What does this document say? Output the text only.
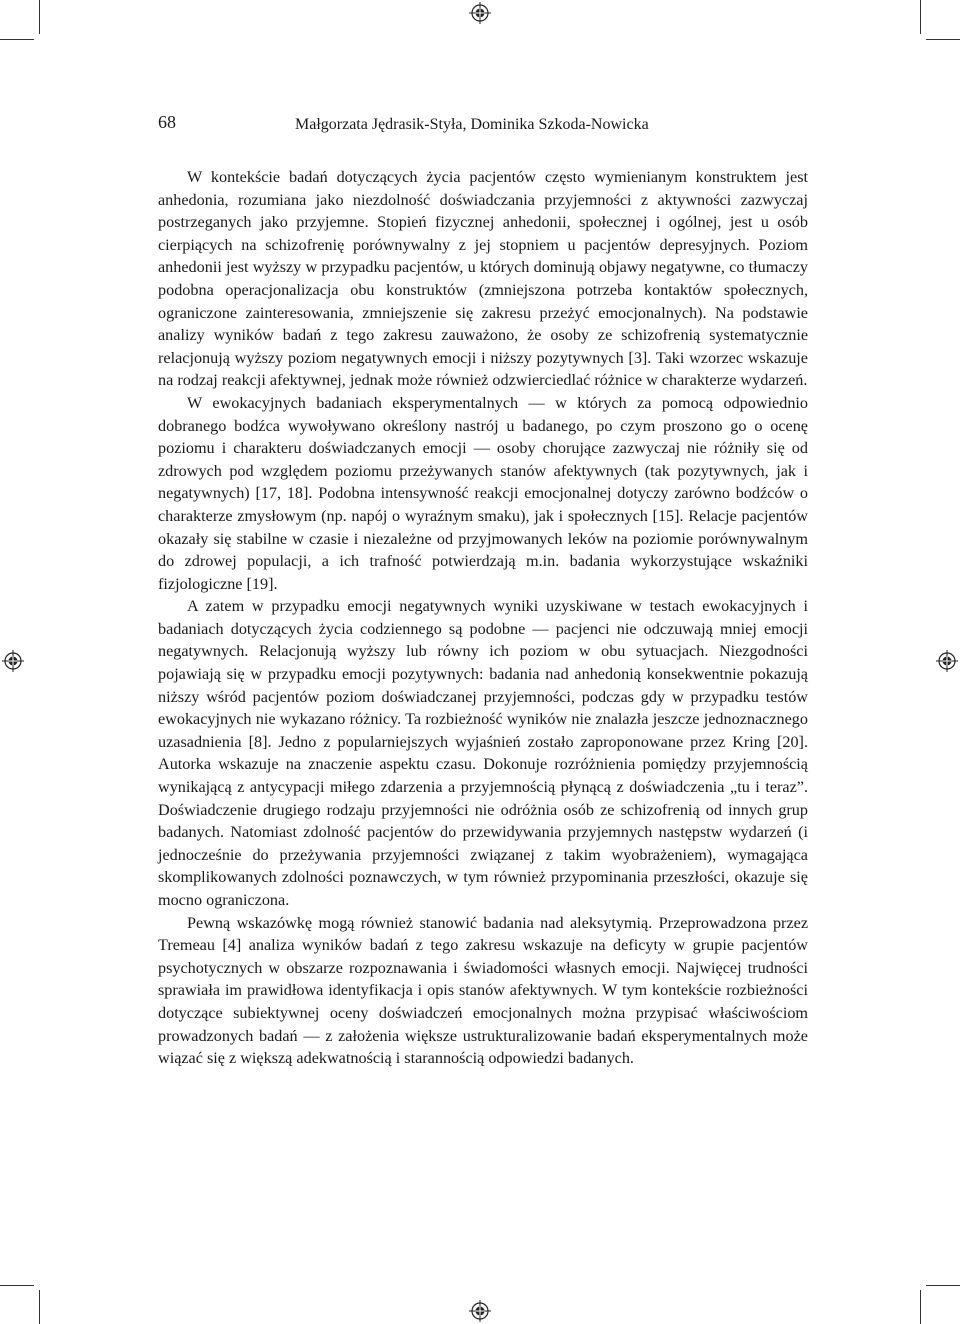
68	Małgorzata Jędrasik-Styła, Dominika Szkoda-Nowicka

W kontekście badań dotyczących życia pacjentów często wymienianym konstruktem jest anhedonia, rozumiana jako niezdolność doświadczania przyjemności z aktywności zazwyczaj postrzeganych jako przyjemne. Stopień fizycznej anhedonii, społecznej i ogólnej, jest u osób cierpiących na schizofrenię porównywalny z jej stopniem u pacjentów depresyjnych. Poziom anhedonii jest wyższy w przypadku pacjentów, u których dominują objawy negatywne, co tłumaczy podobna operacjonalizacja obu konstruktów (zmniejszona potrzeba kontaktów społecznych, ograniczone zainteresowania, zmniejszenie się zakresu przeżyć emocjonalnych). Na podstawie analizy wyników badań z tego zakresu zauważono, że osoby ze schizofrenią systematycznie relacjonują wyższy poziom negatywnych emocji i niższy pozytywnych [3]. Taki wzorzec wskazuje na rodzaj reakcji afektywnej, jednak może również odzwierciedlać różnice w charakterze wydarzeń.

W ewokacyjnych badaniach eksperymentalnych — w których za pomocą odpowiednio dobranego bodźca wywoływano określony nastrój u badanego, po czym proszono go o ocenę poziomu i charakteru doświadczanych emocji — osoby chorujące zazwyczaj nie różniły się od zdrowych pod względem poziomu przeżywanych stanów afektywnych (tak pozytywnych, jak i negatywnych) [17, 18]. Podobna intensywność reakcji emocjonalnej dotyczy zarówno bodźców o charakterze zmysłowym (np. napój o wyraźnym smaku), jak i społecznych [15]. Relacje pacjentów okazały się stabilne w czasie i niezależne od przyjmowanych leków na poziomie porównywalnym do zdrowej populacji, a ich trafność potwierdzają m.in. badania wykorzystujące wskaźniki fizjologiczne [19].

A zatem w przypadku emocji negatywnych wyniki uzyskiwane w testach ewokacyjnych i badaniach dotyczących życia codziennego są podobne — pacjenci nie odczuwają mniej emocji negatywnych. Relacjonują wyższy lub równy ich poziom w obu sytuacjach. Niezgodności pojawiają się w przypadku emocji pozytywnych: badania nad anhedonią konsekwentnie pokazują niższy wśród pacjentów poziom doświadczanej przyjemności, podczas gdy w przypadku testów ewokacyjnych nie wykazano różnicy. Ta rozbieżność wyników nie znalazła jeszcze jednoznacznego uzasadnienia [8]. Jedno z popularniejszych wyjaśnień zostało zaproponowane przez Kring [20]. Autorka wskazuje na znaczenie aspektu czasu. Dokonuje rozróżnienia pomiędzy przyjemnością wynikającą z antycypacji miłego zdarzenia a przyjemnością płynącą z doświadczenia „tu i teraz”. Doświadczenie drugiego rodzaju przyjemności nie odróżnia osób ze schizofrenią od innych grup badanych. Natomiast zdolność pacjentów do przewidywania przyjemnych następstw wydarzeń (i jednocześnie do przeżywania przyjemności związanej z takim wyobrażeniem), wymagająca skomplikowanych zdolności poznawczych, w tym również przypominania przeszłości, okazuje się mocno ograniczona.

Pewną wskazówkę mogą również stanowić badania nad aleksytymią. Przeprowadzona przez Tremeau [4] analiza wyników badań z tego zakresu wskazuje na deficyty w grupie pacjentów psychotycznych w obszarze rozpoznawania i świadomości własnych emocji. Najwięcej trudności sprawiała im prawidłowa identyfikacja i opis stanów afektywnych. W tym kontekście rozbieżności dotyczące subiektywnej oceny doświadczeń emocjonalnych można przypisać właściwościom prowadzonych badań — z założenia większe ustrukturalizowanie badań eksperymentalnych może wiązać się z większą adekwatnością i starannością odpowiedzi badanych.
